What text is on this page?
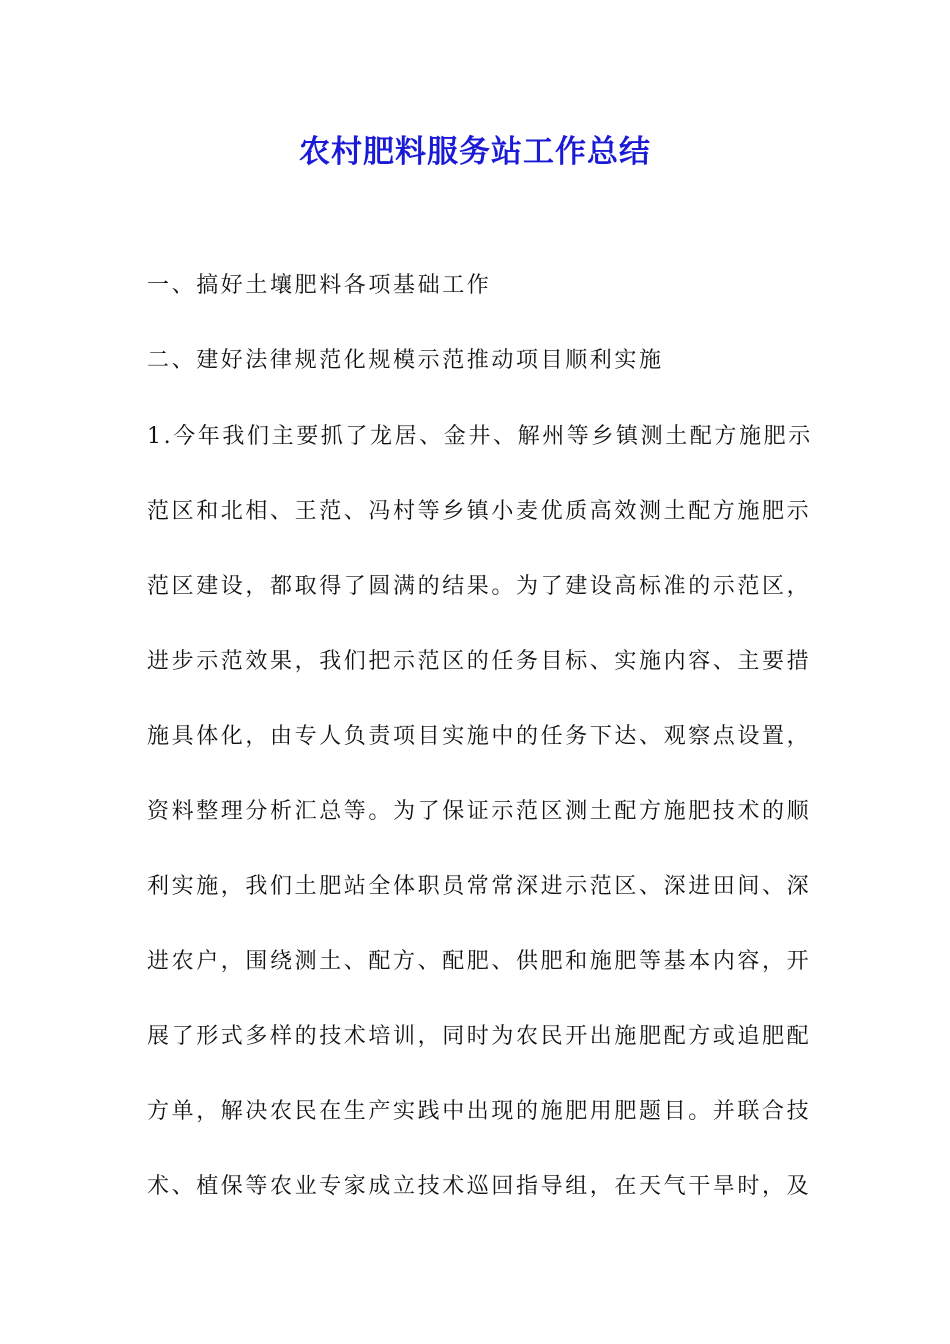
农村肥料服务站工作总结
一、搞好土壤肥料各项基础工作
二、建好法律规范化规模示范推动项目顺利实施
1.今年我们主要抓了龙居、金井、解州等乡镇测土配方施肥示
范区和北相、王范、冯村等乡镇小麦优质高效测土配方施肥示
范区建设，都取得了圆满的结果。为了建设高标准的示范区，
进步示范效果，我们把示范区的任务目标、实施内容、主要措
施具体化，由专人负责项目实施中的任务下达、观察点设置，
资料整理分析汇总等。为了保证示范区测土配方施肥技术的顺
利实施，我们土肥站全体职员常常深进示范区、深进田间、深
进农户，围绕测土、配方、配肥、供肥和施肥等基本内容，开
展了形式多样的技术培训，同时为农民开出施肥配方或追肥配
方单，解决农民在生产实践中出现的施肥用肥题目。并联合技
术、植保等农业专家成立技术巡回指导组，在天气干旱时，及
